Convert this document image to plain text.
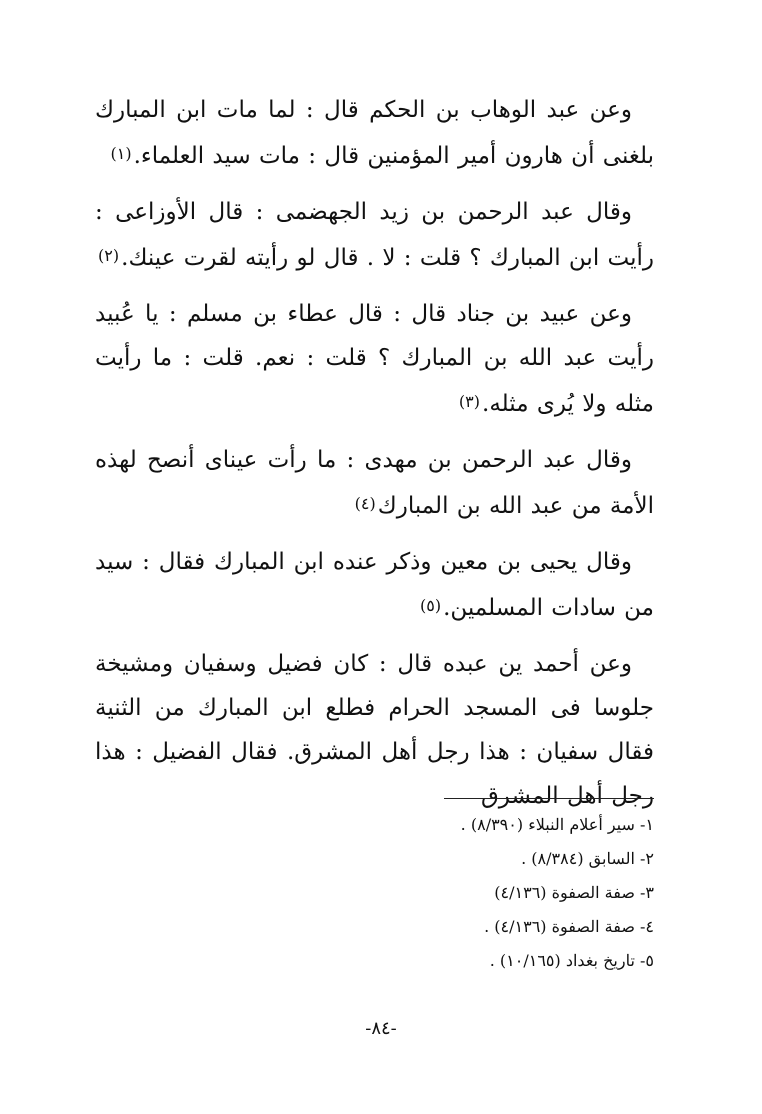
وعن عبد الوهاب بن الحكم قال : لما مات ابن المبارك بلغنى أن هارون أمير المؤمنين قال : مات سيد العلماء.(١)

وقال عبد الرحمن بن زيد الجهضمى : قال الأوزاعى : رأيت ابن المبارك ؟ قلت : لا . قال لو رأيته لقرت عينك.(٢)

وعن عبيد بن جناد قال : قال عطاء بن مسلم : يا عُبيد رأيت عبد الله بن المبارك ؟ قلت : نعم. قلت : ما رأيت مثله ولا يُرى مثله.(٣)

وقال عبد الرحمن بن مهدى : ما رأت عيناى أنصح لهذه الأمة من عبد الله بن المبارك(٤)

وقال يحيى بن معين وذكر عنده ابن المبارك فقال : سيد من سادات المسلمين.(٥)

وعن أحمد ين عبده قال : كان فضيل وسفيان ومشيخة جلوسا فى المسجد الحرام فطلع ابن المبارك من الثنية فقال سفيان : هذا رجل أهل المشرق. فقال الفضيل : هذا رجل أهل المشرق

١- سير أعلام النبلاء (٨/٣٩٠) .
٢- السابق (٨/٣٨٤) .
٣- صفة الصفوة (٤/١٣٦)
٤- صفة الصفوة (٤/١٣٦) .
٥- تاريخ بغداد (١٠/١٦٥) .
-٨٤-
